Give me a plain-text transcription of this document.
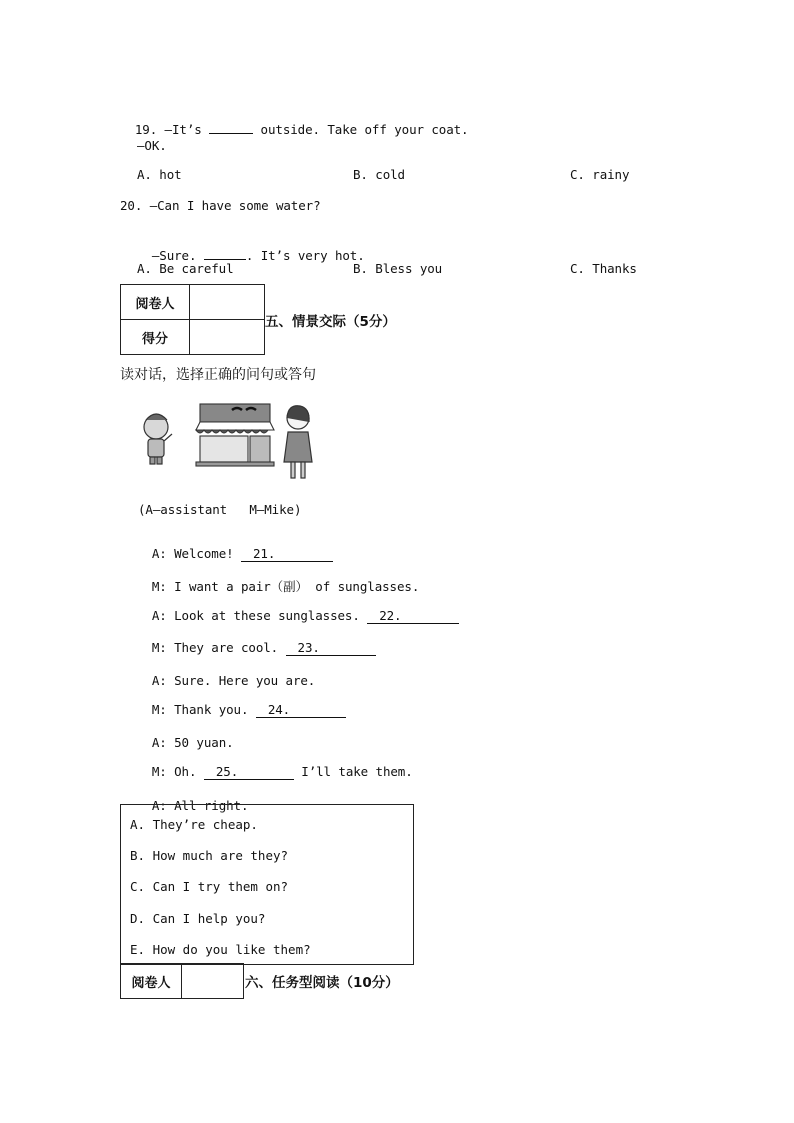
19. —It’s	outside. Take off your coat.

—OK.
A. hot	B. cold	C. rainy
20. —Can I have some water?

—Sure.	. It’s very hot.

A. Be careful	B. Bless you	C. Thanks
阅卷人	
得分	
五、情景交际（5分）
读对话，选择正确的问句或答句
(A—assistant   M—Mike)

A: Welcome! 21.

M: I want a pair（副） of sunglasses.

A: Look at these sunglasses. 22.

M: They are cool. 23.

A: Sure. Here you are.

M: Thank you. 24.

A: 50 yuan.

M: Oh. 25.	I’ll take them.

A: All right.

A. They’re cheap.
B. How much are they?
C. Can I try them on?
D. Can I help you?
E. How do you like them?
阅卷人		六、任务型阅读（10分）
